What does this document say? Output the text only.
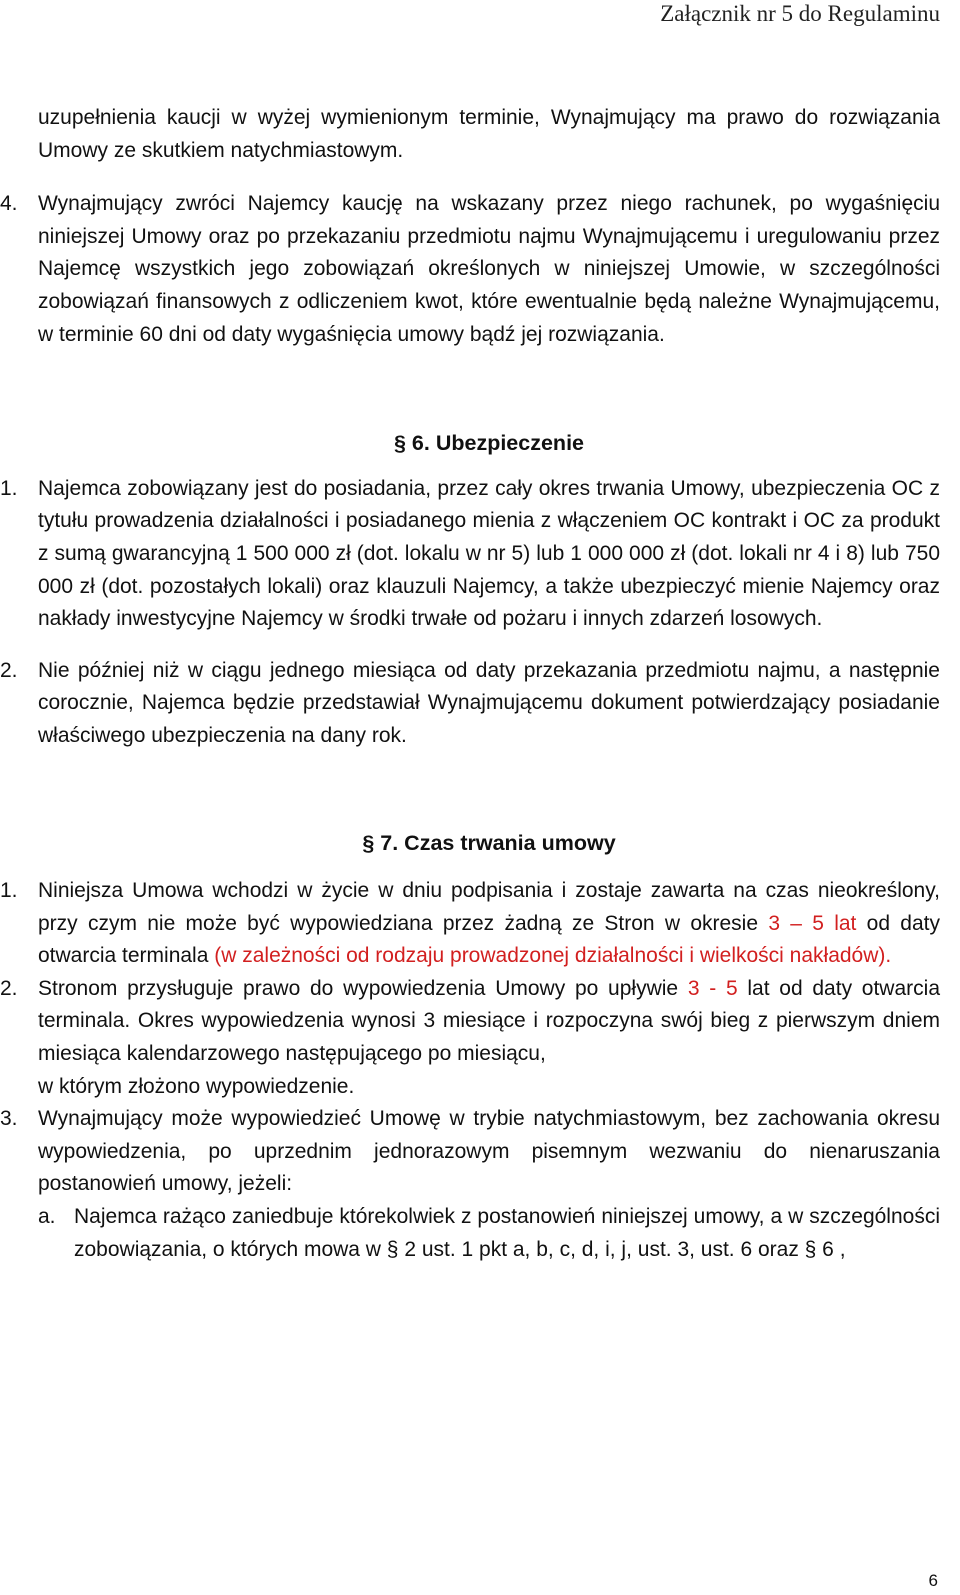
Załącznik nr 5 do Regulaminu

uzupełnienia kaucji w wyżej wymienionym terminie, Wynajmujący ma prawo do rozwiązania Umowy ze skutkiem natychmiastowym.

4. Wynajmujący zwróci Najemcy kaucję na wskazany przez niego rachunek, po wygaśnięciu niniejszej Umowy oraz po przekazaniu przedmiotu najmu Wynajmującemu i uregulowaniu przez Najemcę wszystkich jego zobowiązań określonych w niniejszej Umowie, w szczególności zobowiązań finansowych z odliczeniem kwot, które ewentualnie będą należne Wynajmującemu, w terminie 60 dni od daty wygaśnięcia umowy bądź jej rozwiązania.
§ 6. Ubezpieczenie
1. Najemca zobowiązany jest do posiadania, przez cały okres trwania Umowy, ubezpieczenia OC z tytułu prowadzenia działalności i posiadanego mienia z włączeniem OC kontrakt i OC za produkt z sumą gwarancyjną 1 500 000 zł (dot. lokalu w nr 5) lub 1 000 000 zł (dot. lokali nr 4 i 8) lub 750 000 zł (dot. pozostałych lokali) oraz klauzuli Najemcy, a także ubezpieczyć mienie Najemcy oraz nakłady inwestycyjne Najemcy w środki trwałe od pożaru i innych zdarzeń losowych.
2. Nie później niż w ciągu jednego miesiąca od daty przekazania przedmiotu najmu, a następnie corocznie, Najemca będzie przedstawiał Wynajmującemu dokument potwierdzający posiadanie właściwego ubezpieczenia na dany rok.
§ 7. Czas trwania umowy
1. Niniejsza Umowa wchodzi w życie w dniu podpisania i zostaje zawarta na czas nieokreślony, przy czym nie może być wypowiedziana przez żadną ze Stron w okresie 3 – 5 lat od daty otwarcia terminala (w zależności od rodzaju prowadzonej działalności i wielkości nakładów).
2. Stronom przysługuje prawo do wypowiedzenia Umowy po upływie 3 - 5 lat od daty otwarcia terminala. Okres wypowiedzenia wynosi 3 miesiące i rozpoczyna swój bieg z pierwszym dniem miesiąca kalendarzowego następującego po miesiącu,
w którym złożono wypowiedzenie.
3. Wynajmujący może wypowiedzieć Umowę w trybie natychmiastowym, bez zachowania okresu wypowiedzenia, po uprzednim jednorazowym pisemnym wezwaniu do nienaruszania postanowień umowy, jeżeli:
a. Najemca rażąco zaniedbuje którekolwiek z postanowień niniejszej umowy, a w szczególności zobowiązania, o których mowa w § 2 ust. 1 pkt a, b, c, d, i, j, ust. 3, ust. 6 oraz § 6 ,
6
